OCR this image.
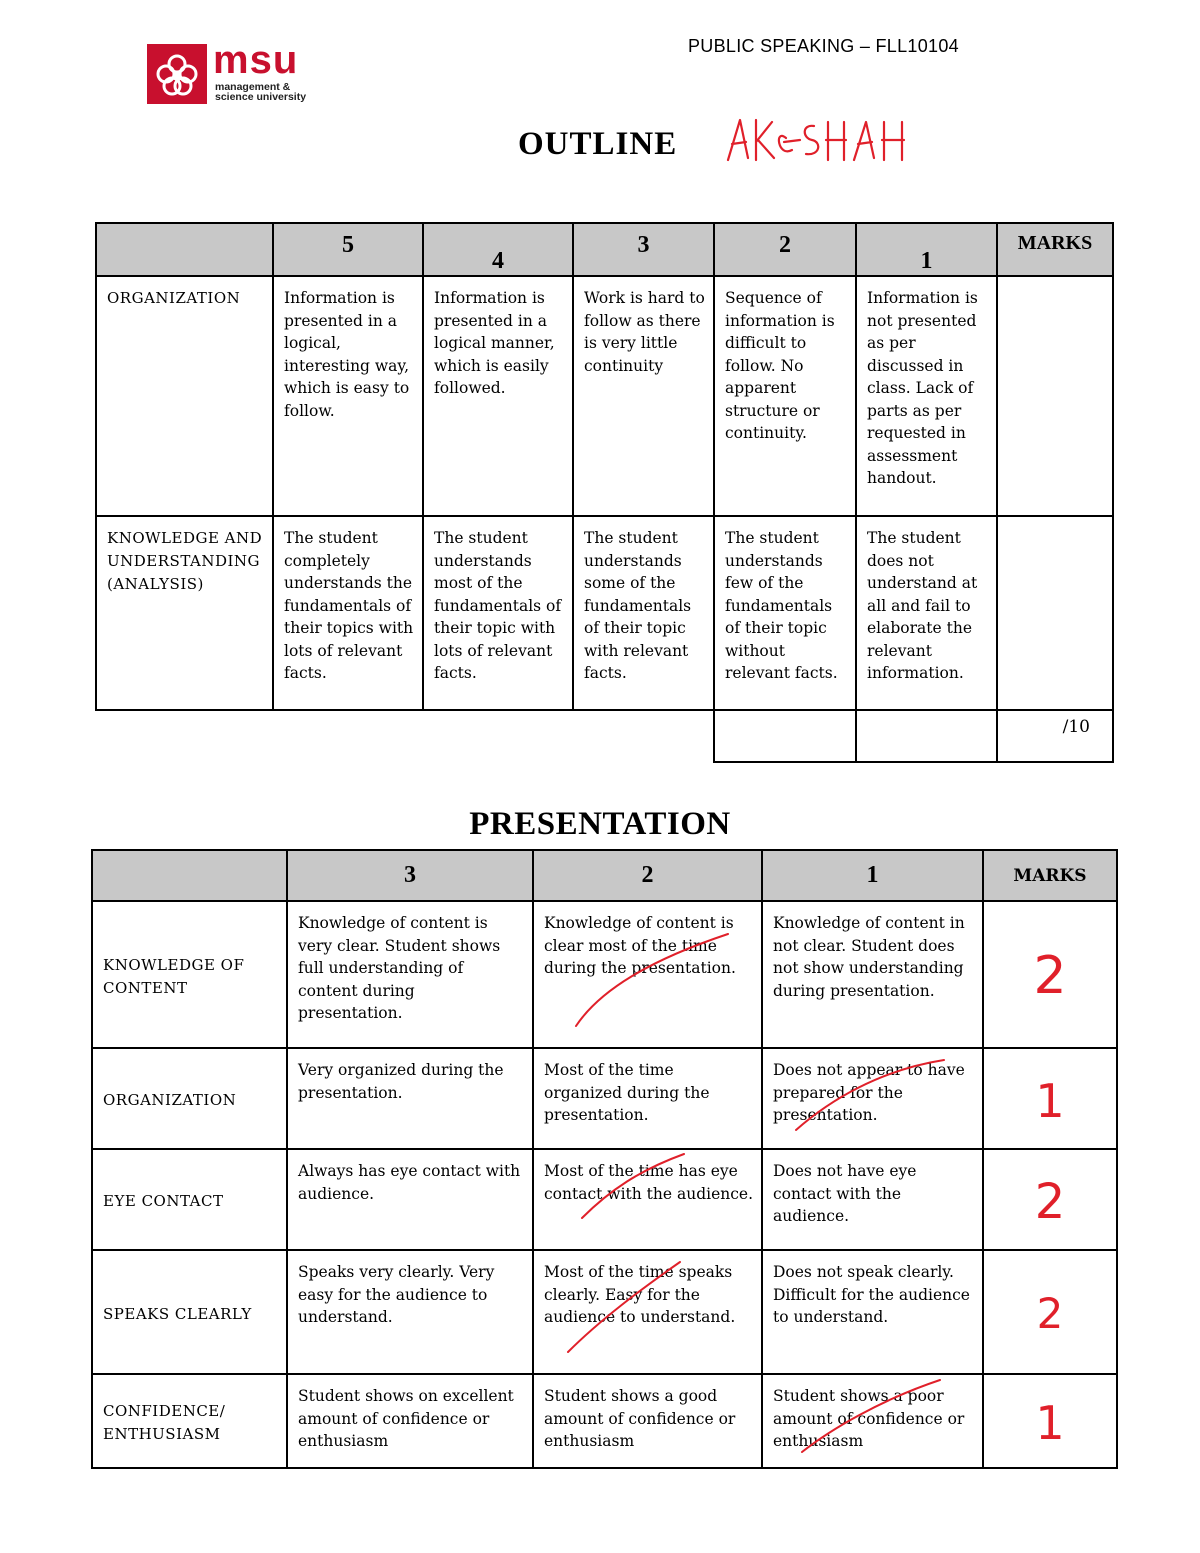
msu
management &
science university
PUBLIC SPEAKING – FLL10104
OUTLINE
	5	4	3	2	1	MARKS
ORGANIZATION	Information is presented in a logical, interesting way, which is easy to follow.	Information is presented in a logical manner, which is easily followed.	Work is hard to follow as there is very little continuity	Sequence of information is difficult to follow. No apparent structure or continuity.	Information is not presented as per discussed in class. Lack of parts as per requested in assessment handout.	
KNOWLEDGE AND UNDERSTANDING (ANALYSIS)	The student completely understands the fundamentals of their topics with lots of relevant facts.	The student understands most of the fundamentals of their topic with lots of relevant facts.	The student understands some of the fundamentals of their topic with relevant facts.	The student understands few of the fundamentals of their topic without relevant facts.	The student does not understand at all and fail to elaborate the relevant information.	
						/10
PRESENTATION
	3	2	1	MARKS
KNOWLEDGE OF CONTENT	Knowledge of content is very clear. Student shows full understanding of content during presentation.	Knowledge of content is clear most of the time during the presentation.	Knowledge of content in not clear. Student does not show understanding during presentation.	2

ORGANIZATION	Very organized during the presentation.	Most of the time organized during the presentation.	Does not appear to have prepared for the presentation.	1

EYE CONTACT	Always has eye contact with audience.	Most of the time has eye contact with the audience.	Does not have eye contact with the audience.	2

SPEAKS CLEARLY	Speaks very clearly. Very easy for the audience to understand.	Most of the time speaks clearly. Easy for the audience to understand.	Does not speak clearly. Difficult for the audience to understand.	2

CONFIDENCE/ ENTHUSIASM	Student shows on excellent amount of confidence or enthusiasm	Student shows a good amount of confidence or enthusiasm	Student shows a poor amount of confidence or enthusiasm	1
